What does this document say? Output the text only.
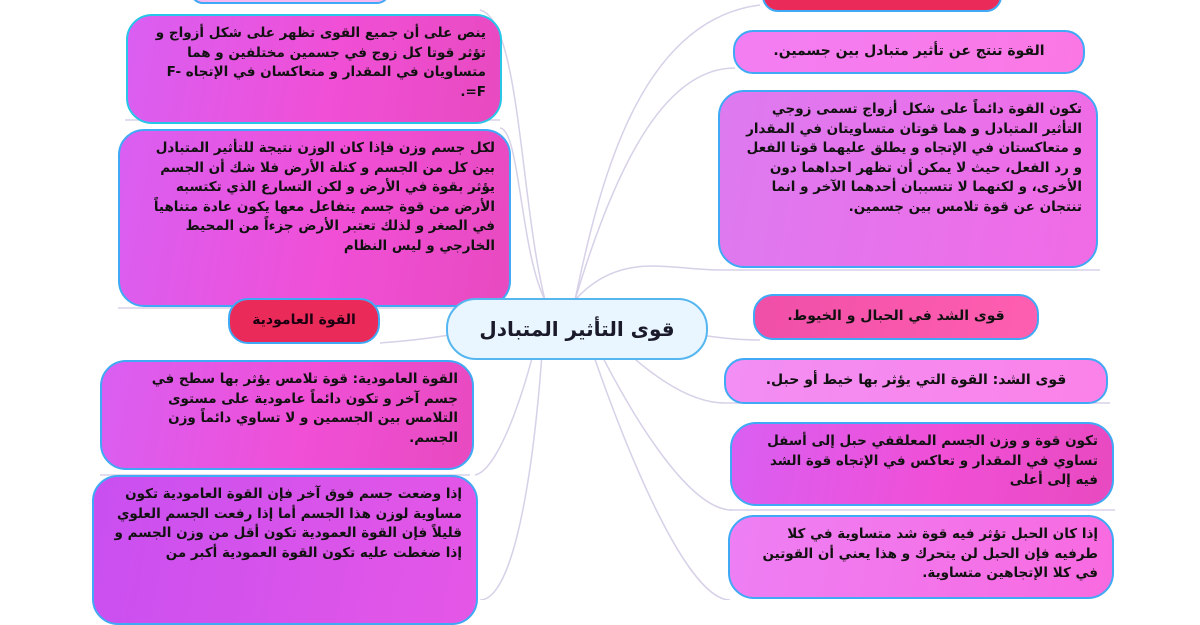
ينص على أن جميع القوى تظهر على شكل أزواج و تؤثر قوتا كل زوج في جسمين مختلفين و هما متساويان في المقدار و متعاكسان في الإتجاه F-=F.
لكل جسم وزن فإذا كان الوزن نتيجة للتأثير المتبادل بين كل من الجسم و كتلة الأرض فلا شك أن الجسم يؤثر بقوة في الأرض و لكن التسارع الذي تكتسبه الأرض من قوة جسم يتفاعل معها يكون عادة متناهياً في الصغر و لذلك تعتبر الأرض جزءاً من المحيط الخارجي و ليس النظام
القوة العامودية
القوة العامودية: قوة تلامس يؤثر بها سطح في جسم آخر و تكون دائماً عامودية على مستوى التلامس بين الجسمين و لا تساوي دائماً وزن الجسم.
إذا وضعت جسم فوق آخر فإن القوة العامودية تكون مساوية لوزن هذا الجسم أما إذا رفعت الجسم العلوي قليلاً فإن القوة العمودية تكون أقل من وزن الجسم و إذا ضغطت عليه تكون القوة العمودية أكبر من
قوى التأثير المتبادل
القوة تنتج عن تأثير متبادل بين جسمين.
تكون القوة دائماً على شكل أزواج تسمى زوجي التأثير المتبادل و هما قوتان متساويتان في المقدار و متعاكستان في الإتجاه و يطلق عليهما قوتا الفعل و رد الفعل، حيث لا يمكن أن تظهر احداهما دون الأخرى، و لكنهما لا تتسببان أحدهما الآخر و انما تنتجان عن قوة تلامس بين جسمين.
قوى الشد في الحبال و الخيوط.
قوى الشد: القوة التي يؤثر بها خيط أو حبل.
تكون قوة و وزن الجسم المعلقفي حبل إلى أسفل تساوي في المقدار و تعاكس في الإتجاه قوة الشد فيه إلى أعلى
إذا كان الحبل تؤثر فيه قوة شد متساوية في كلا طرفيه فإن الحبل لن يتحرك و هذا يعني أن القوتين في كلا الإتجاهين متساوية.
